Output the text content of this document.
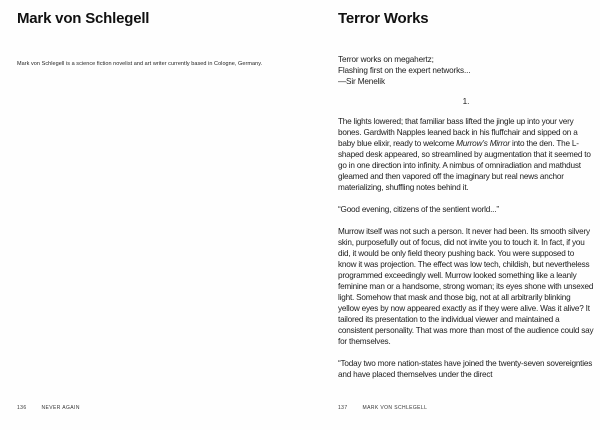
Mark von Schlegell

Mark von Schlegell is a science fiction novelist and art writer currently based in Cologne, Germany.

136	NEVER AGAIN
Terror Works
Terror works on megahertz;
Flashing first on the expert networks...
—Sir Menelik
1.

The lights lowered; that familiar bass lifted the jingle up into your very bones. Gardwith Napples leaned back in his fluffchair and sipped on a baby blue elixir, ready to welcome Murrow’s Mirror into the den. The L-shaped desk appeared, so streamlined by augmentation that it seemed to go in one direction into infinity. A nimbus of omniradiation and mathdust gleamed and then vapored off the imaginary but real news anchor materializing, shuffling notes behind it.

“Good evening, citizens of the sentient world...”

Murrow itself was not such a person. It never had been. Its smooth silvery skin, purposefully out of focus, did not invite you to touch it. In fact, if you did, it would be only field theory pushing back. You were supposed to know it was projection. The effect was low tech, childish, but nevertheless programmed exceedingly well. Murrow looked something like a leanly feminine man or a handsome, strong woman; its eyes shone with unsexed light. Somehow that mask and those big, not at all arbitrarily blinking yellow eyes by now appeared exactly as if they were alive. Was it alive? It tailored its presentation to the individual viewer and maintained a consistent personality. That was more than most of the audience could say for themselves.

“Today two more nation-states have joined the twenty-seven sovereignties and have placed themselves under the direct

137	MARK VON SCHLEGELL
